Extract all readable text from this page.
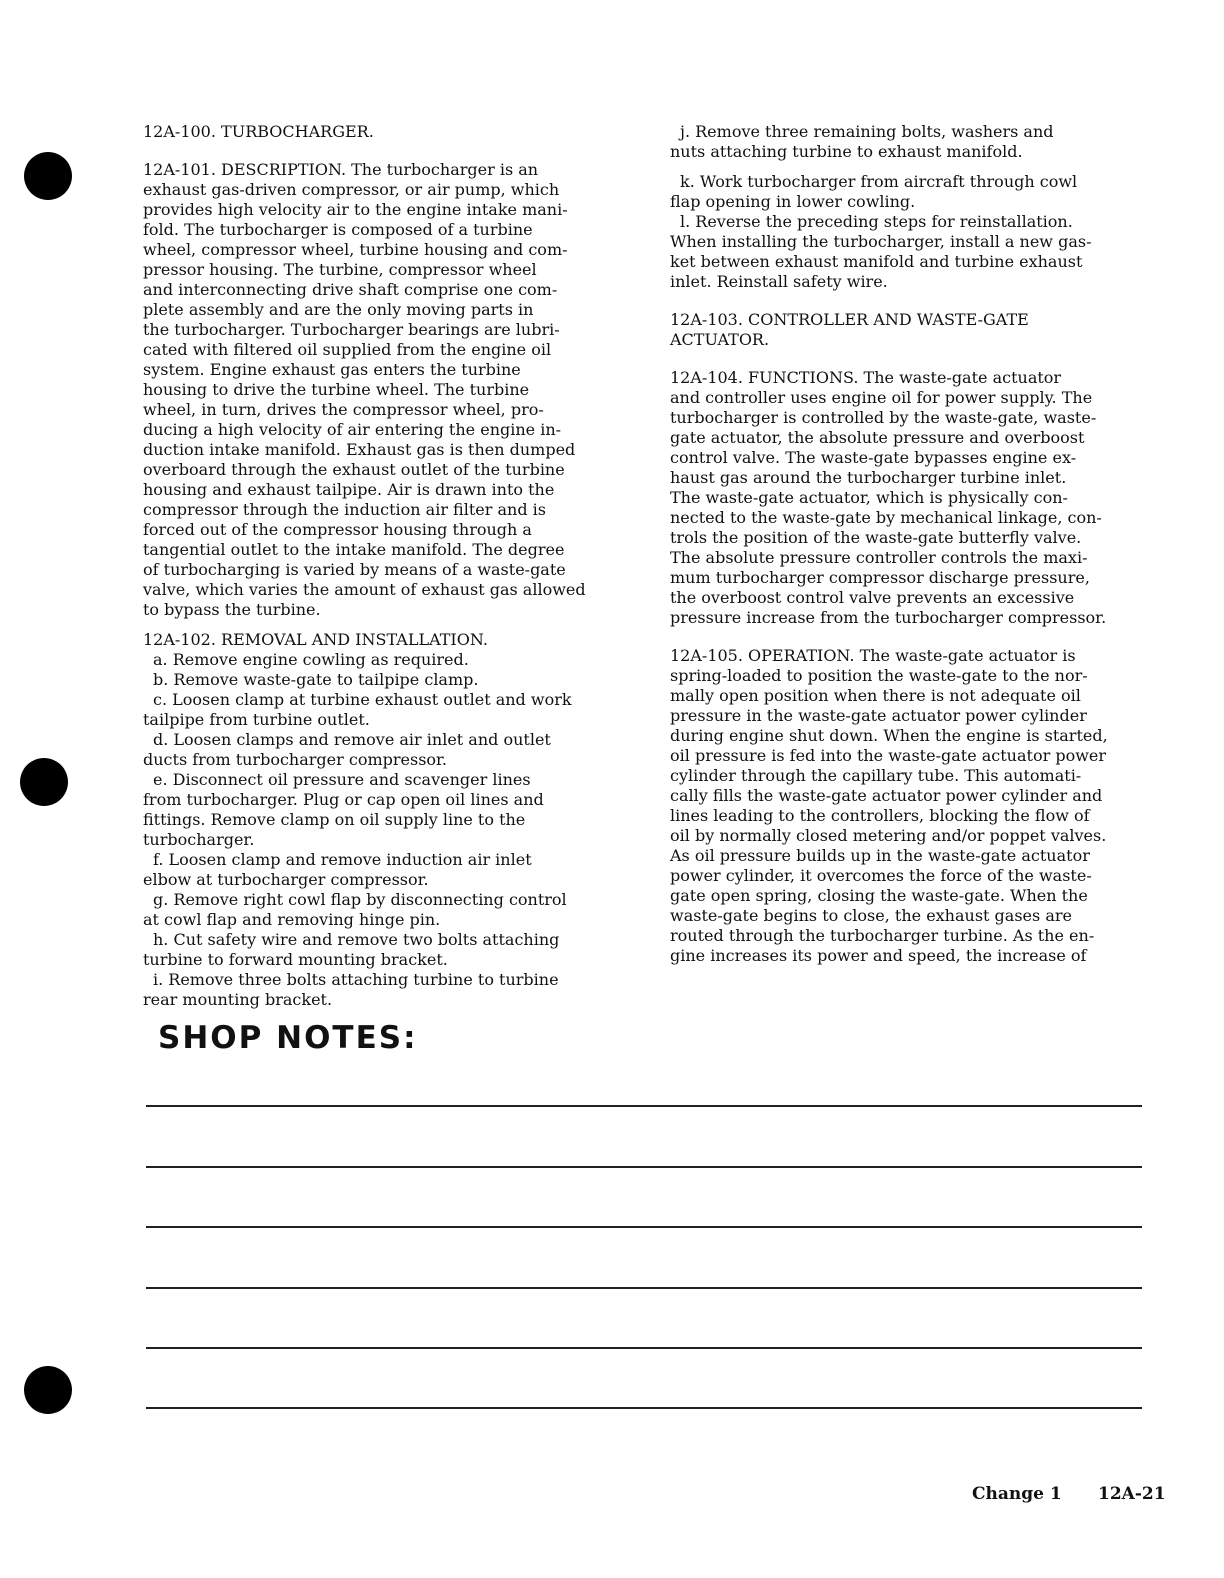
12A-100. TURBOCHARGER.
12A-101. DESCRIPTION. The turbocharger is an
exhaust gas-driven compressor, or air pump, which
provides high velocity air to the engine intake mani-
fold. The turbocharger is composed of a turbine
wheel, compressor wheel, turbine housing and com-
pressor housing. The turbine, compressor wheel
and interconnecting drive shaft comprise one com-
plete assembly and are the only moving parts in
the turbocharger. Turbocharger bearings are lubri-
cated with filtered oil supplied from the engine oil
system. Engine exhaust gas enters the turbine
housing to drive the turbine wheel. The turbine
wheel, in turn, drives the compressor wheel, pro-
ducing a high velocity of air entering the engine in-
duction intake manifold. Exhaust gas is then dumped
overboard through the exhaust outlet of the turbine
housing and exhaust tailpipe. Air is drawn into the
compressor through the induction air filter and is
forced out of the compressor housing through a
tangential outlet to the intake manifold. The degree
of turbocharging is varied by means of a waste-gate
valve, which varies the amount of exhaust gas allowed
to bypass the turbine.
12A-102. REMOVAL AND INSTALLATION.
a. Remove engine cowling as required.
b. Remove waste-gate to tailpipe clamp.
c. Loosen clamp at turbine exhaust outlet and work
tailpipe from turbine outlet.
d. Loosen clamps and remove air inlet and outlet
ducts from turbocharger compressor.
e. Disconnect oil pressure and scavenger lines
from turbocharger. Plug or cap open oil lines and
fittings. Remove clamp on oil supply line to the
turbocharger.
f. Loosen clamp and remove induction air inlet
elbow at turbocharger compressor.
g. Remove right cowl flap by disconnecting control
at cowl flap and removing hinge pin.
h. Cut safety wire and remove two bolts attaching
turbine to forward mounting bracket.
i. Remove three bolts attaching turbine to turbine
rear mounting bracket.
j. Remove three remaining bolts, washers and
nuts attaching turbine to exhaust manifold.
k. Work turbocharger from aircraft through cowl
flap opening in lower cowling.
l. Reverse the preceding steps for reinstallation.
When installing the turbocharger, install a new gas-
ket between exhaust manifold and turbine exhaust
inlet. Reinstall safety wire.
12A-103. CONTROLLER AND WASTE-GATE
ACTUATOR.
12A-104. FUNCTIONS. The waste-gate actuator
and controller uses engine oil for power supply. The
turbocharger is controlled by the waste-gate, waste-
gate actuator, the absolute pressure and overboost
control valve. The waste-gate bypasses engine ex-
haust gas around the turbocharger turbine inlet.
The waste-gate actuator, which is physically con-
nected to the waste-gate by mechanical linkage, con-
trols the position of the waste-gate butterfly valve.
The absolute pressure controller controls the maxi-
mum turbocharger compressor discharge pressure,
the overboost control valve prevents an excessive
pressure increase from the turbocharger compressor.
12A-105. OPERATION. The waste-gate actuator is
spring-loaded to position the waste-gate to the nor-
mally open position when there is not adequate oil
pressure in the waste-gate actuator power cylinder
during engine shut down. When the engine is started,
oil pressure is fed into the waste-gate actuator power
cylinder through the capillary tube. This automati-
cally fills the waste-gate actuator power cylinder and
lines leading to the controllers, blocking the flow of
oil by normally closed metering and/or poppet valves.
As oil pressure builds up in the waste-gate actuator
power cylinder, it overcomes the force of the waste-
gate open spring, closing the waste-gate. When the
waste-gate begins to close, the exhaust gases are
routed through the turbocharger turbine. As the en-
gine increases its power and speed, the increase of
SHOP NOTES:
Change 1 12A-21
